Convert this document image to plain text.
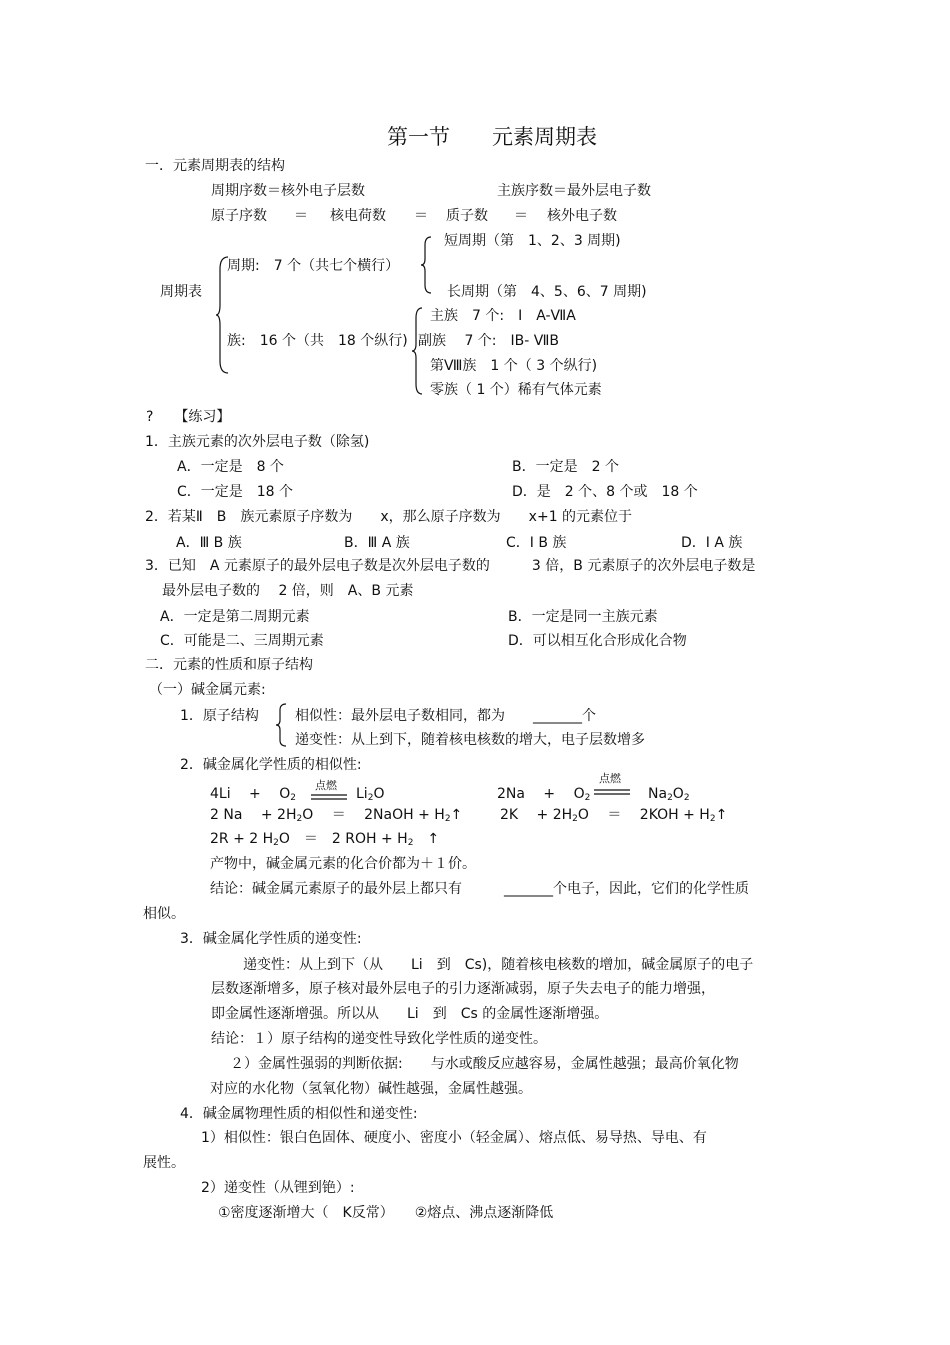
第一节　　元素周期表
一．元素周期表的结构
周期序数＝核外电子层数	主族序数＝最外层电子数
原子序数 ＝ 核电荷数 ＝ 质子数 ＝ 核外电子数
周期表
周期:　7 个（共七个横行）
短周期（第　1、2、3 周期)
长周期（第　4、5、6、7 周期)
族:　16 个（共　18 个纵行)
主族　7 个:　Ⅰ　A-ⅦA
副族　 7 个:　IB- ⅦB
第Ⅷ族　1 个（ 3 个纵行)
零族（ 1 个）稀有气体元素
?　　【练习】
1．主族元素的次外层电子数（除氢)
A．一定是　8 个	B．一定是　2 个
C．一定是　18 个	D．是　2 个、8 个或　18 个
2．若某Ⅱ　B　族元素原子序数为　　x，那么原子序数为　　x+1 的元素位于
A．Ⅲ B 族	B．Ⅲ A 族	C．Ⅰ B 族	D．Ⅰ A 族
3．已知　A 元素原子的最外层电子数是次外层电子数的　　　3 倍，B 元素原子的次外层电子数是
最外层电子数的　 2 倍，则　A、B 元素
A．一定是第二周期元素	B．一定是同一主族元素
C．可能是二、三周期元素	D．可以相互化合形成化合物
二．元素的性质和原子结构
（一）碱金属元素:
1．原子结构	相似性：最外层电子数相同，都为　　_______个
递变性：从上到下，随着核电核数的增大，电子层数增多
2．碱金属化学性质的相似性:
点燃
4Li　 +　 $O_2$	$Li_2O$
点燃
2Na　 +　 $O_2$	$Na_2O_2$
2 Na　 + $2H_2O$　 ＝　 2NaOH + $H_2↑$	2K　 + $2H_2O$　 ＝　 $2KOH + H_2↑$
2R + 2 $H_2O$　＝　2 ROH + $H_2$　↑
产物中，碱金属元素的化合价都为＋１价。
结论：碱金属元素原子的最外层上都只有　　　_______个电子，因此，它们的化学性质
相似。
3．碱金属化学性质的递变性:
递变性：从上到下（从　　Li　到　Cs)，随着核电核数的增加，碱金属原子的电子
层数逐渐增多，原子核对最外层电子的引力逐渐减弱，原子失去电子的能力增强，
即金属性逐渐增强。所以从　　Li　到　Cs 的金属性逐渐增强。
结论：１）原子结构的递变性导致化学性质的递变性。
２）金属性强弱的判断依据:　　与水或酸反应越容易，金属性越强；最高价氧化物
对应的水化物（氢氧化物）碱性越强，金属性越强。
4．碱金属物理性质的相似性和递变性:
1）相似性：银白色固体、硬度小、密度小（轻金属）、熔点低、易导热、导电、有
展性。
2）递变性（从锂到铯）:
①密度逐渐增大（　K反常）　　②熔点、沸点逐渐降低
